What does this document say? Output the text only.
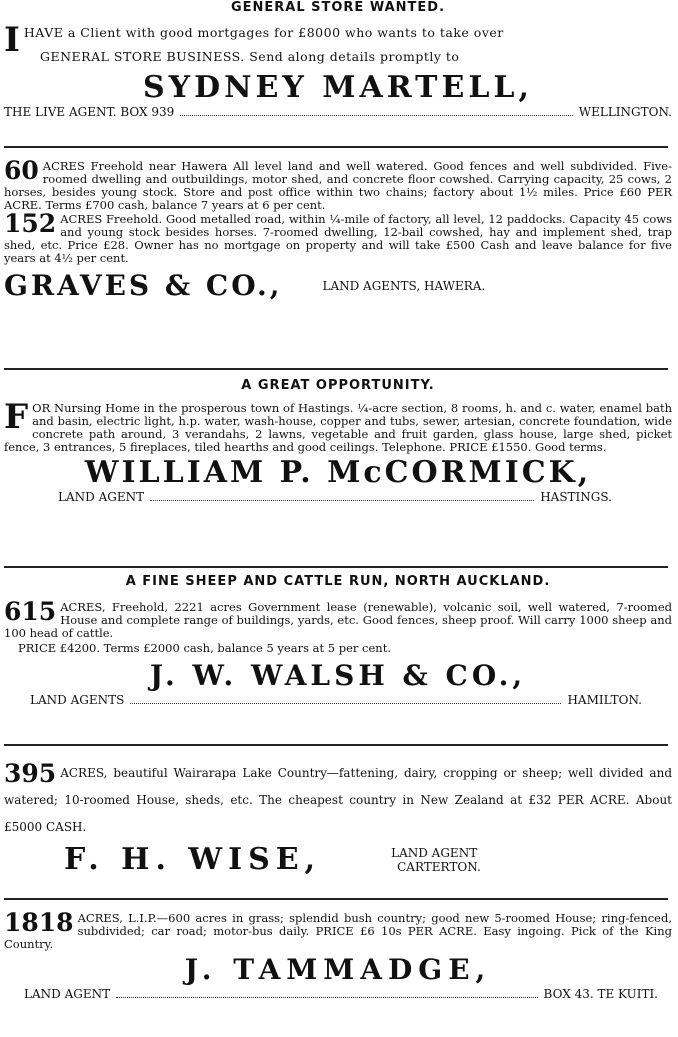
GENERAL STORE WANTED.

I HAVE a Client with good mortgages for £8000 who wants to take over
GENERAL STORE BUSINESS. Send along details promptly to
SYDNEY MARTELL,
THE LIVE AGENT. BOX 939	WELLINGTON.

60 ACRES Freehold near Hawera All level land and well watered. Good fences and well subdivided. Five-roomed dwelling and outbuildings, motor shed, and concrete floor cowshed. Carrying capacity, 25 cows, 2 horses, besides young stock. Store and post office within two chains; factory about 1½ miles. Price £60 PER ACRE. Terms £700 cash, balance 7 years at 6 per cent.

152 ACRES Freehold. Good metalled road, within ¼-mile of factory, all level, 12 paddocks. Capacity 45 cows and young stock besides horses. 7-roomed dwelling, 12-bail cowshed, hay and implement shed, trap shed, etc. Price £28. Owner has no mortgage on property and will take £500 Cash and leave balance for five years at 4½ per cent.

GRAVES & CO.,	LAND AGENTS, HAWERA.

A GREAT OPPORTUNITY.

F OR Nursing Home in the prosperous town of Hastings. ¼-acre section, 8 rooms, h. and c. water, enamel bath and basin, electric light, h.p. water, wash-house, copper and tubs, sewer, artesian, concrete foundation, wide concrete path around, 3 verandahs, 2 lawns, vegetable and fruit garden, glass house, large shed, picket fence, 3 entrances, 5 fireplaces, tiled hearths and good ceilings. Telephone. PRICE £1550. Good terms.

WILLIAM P. McCORMICK,
LAND AGENT	HASTINGS.

A FINE SHEEP AND CATTLE RUN, NORTH AUCKLAND.

615 ACRES, Freehold, 2221 acres Government lease (renewable), volcanic soil, well watered, 7-roomed House and complete range of buildings, yards, etc. Good fences, sheep proof. Will carry 1000 sheep and 100 head of cattle.

PRICE £4200. Terms £2000 cash, balance 5 years at 5 per cent.

J. W. WALSH & CO.,
LAND AGENTS	HAMILTON.

395 ACRES, beautiful Wairarapa Lake Country—fattening, dairy, cropping or sheep; well divided and watered; 10-roomed House, sheds, etc. The cheapest country in New Zealand at £32 PER ACRE. About £5000 CASH.

F. H. WISE,	LAND AGENT
CARTERTON.

1818 ACRES, L.I.P.—600 acres in grass; splendid bush country; good new 5-roomed House; ring-fenced, subdivided; car road; motor-bus daily. PRICE £6 10s PER ACRE. Easy ingoing. Pick of the King Country.

J. TAMMADGE,
LAND AGENT	BOX 43. TE KUITI.
